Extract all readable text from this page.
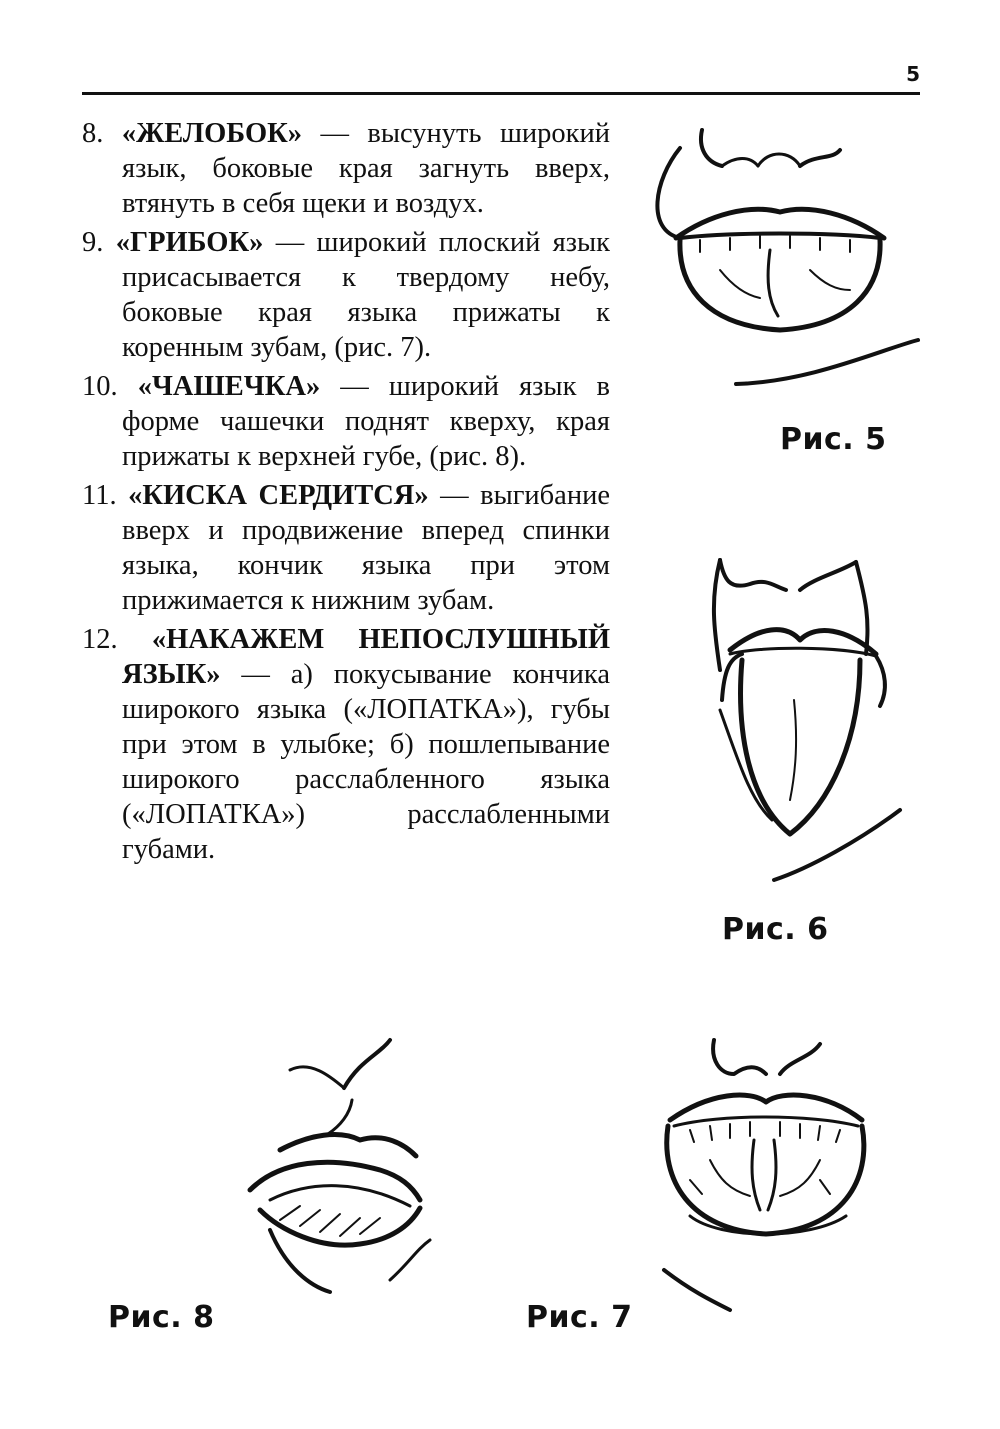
5

8. «ЖЕЛОБОК» — высунуть широкий язык, боковые края загнуть вверх, втянуть в себя щеки и воздух.

9. «ГРИБОК» — широкий плоский язык присасывается к твердому небу, боковые края языка прижаты к коренным зубам, (рис. 7).

10. «ЧАШЕЧКА» — широкий язык в форме чашечки поднят кверху, края прижаты к верхней губе, (рис. 8).

11. «КИСКА СЕРДИТСЯ» — выгибание вверх и продвижение вперед спинки языка, кончик языка при этом прижимается к нижним зубам.

12. «НАКАЖЕМ НЕПОСЛУШНЫЙ ЯЗЫК» — а) покусывание кончика широкого языка («ЛОПАТКА»), губы при этом в улыбке; б) пошлепывание широкого расслабленного языка («ЛОПАТКА») расслабленными губами.

Рис. 5
Рис. 6
Рис. 8	Рис. 7
